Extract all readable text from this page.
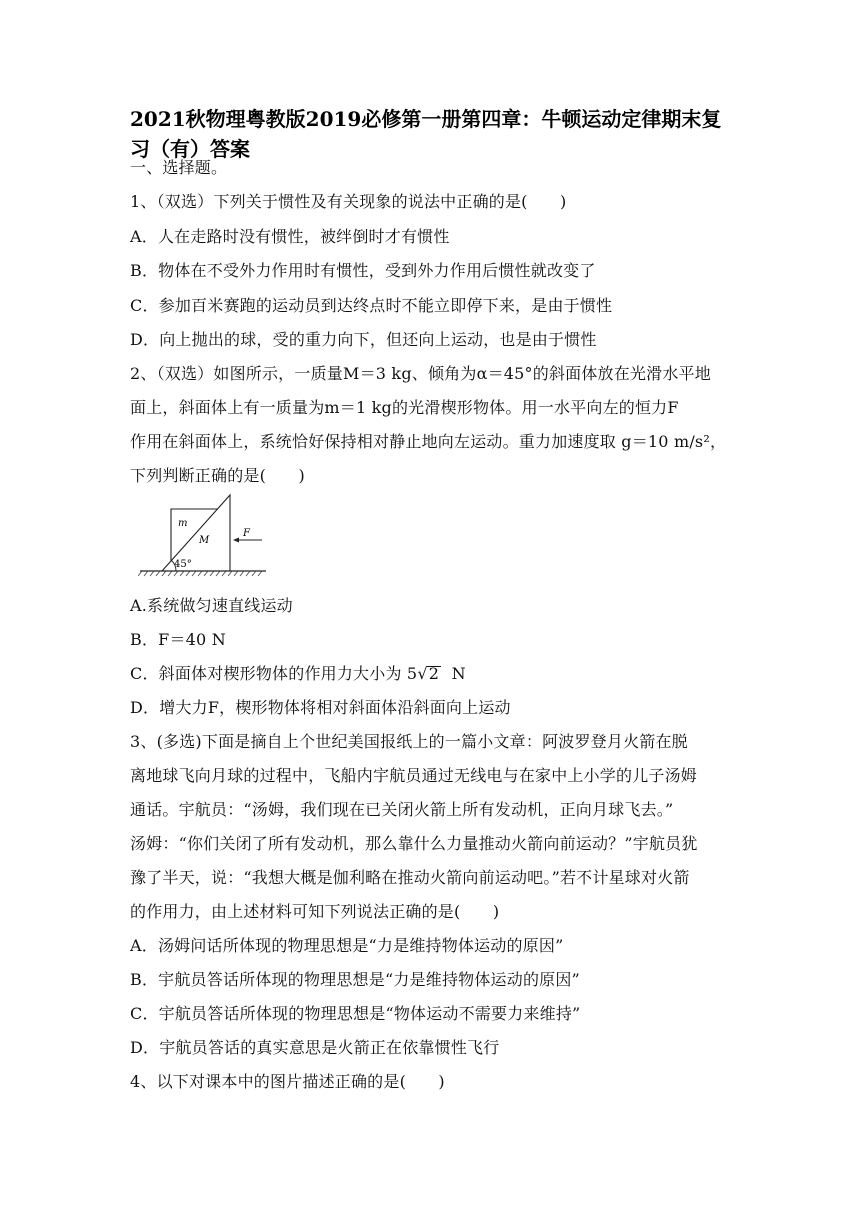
2021秋物理粤教版2019必修第一册第四章：牛顿运动定律期末复习（有）答案
一、选择题。
1、（双选）下列关于惯性及有关现象的说法中正确的是(　　)
A．人在走路时没有惯性，被绊倒时才有惯性
B．物体在不受外力作用时有惯性，受到外力作用后惯性就改变了
C．参加百米赛跑的运动员到达终点时不能立即停下来，是由于惯性
D．向上抛出的球，受的重力向下，但还向上运动，也是由于惯性
2、（双选）如图所示，一质量M＝3 kg、倾角为α＝45°的斜面体放在光滑水平地
面上，斜面体上有一质量为m＝1 kg的光滑楔形物体。用一水平向左的恒力F
作用在斜面体上，系统恰好保持相对静止地向左运动。重力加速度取 g＝10 m/s²，
下列判断正确的是(　　)
m
M
F
45°
A.系统做匀速直线运动
B．F＝40 N
C．斜面体对楔形物体的作用力大小为 5√2  N
D．增大力F，楔形物体将相对斜面体沿斜面向上运动
3、(多选)下面是摘自上个世纪美国报纸上的一篇小文章：阿波罗登月火箭在脱
离地球飞向月球的过程中，飞船内宇航员通过无线电与在家中上小学的儿子汤姆
通话。宇航员：“汤姆，我们现在已关闭火箭上所有发动机，正向月球飞去。”
汤姆：“你们关闭了所有发动机，那么靠什么力量推动火箭向前运动？”宇航员犹
豫了半天，说：“我想大概是伽利略在推动火箭向前运动吧。”若不计星球对火箭
的作用力，由上述材料可知下列说法正确的是(　　)
A．汤姆问话所体现的物理思想是“力是维持物体运动的原因”
B．宇航员答话所体现的物理思想是“力是维持物体运动的原因”
C．宇航员答话所体现的物理思想是“物体运动不需要力来维持”
D．宇航员答话的真实意思是火箭正在依靠惯性飞行
4、以下对课本中的图片描述正确的是(　　)
